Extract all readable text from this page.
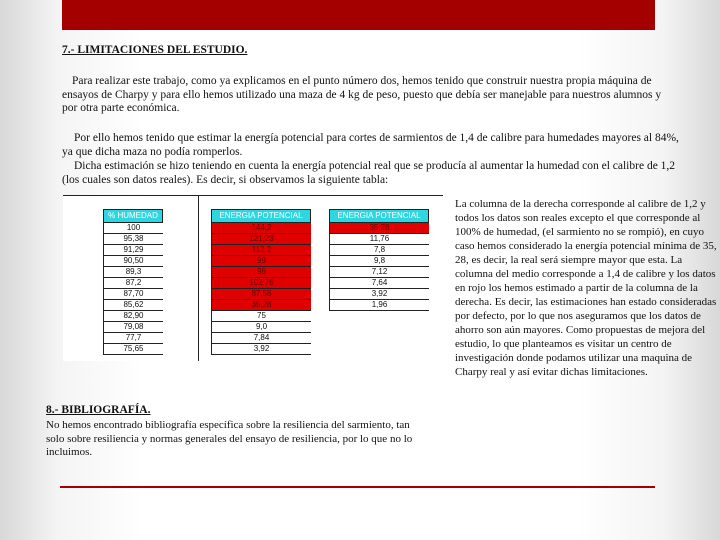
7.- LIMITACIONES DEL ESTUDIO.
Para realizar este trabajo, como ya explicamos en el punto número dos, hemos tenido que construir nuestra propia máquina de ensayos de Charpy y para ello hemos utilizado una maza de 4 kg de peso, puesto que debía ser manejable para nuestros alumnos y por otra parte económica.
Por ello hemos tenido que estimar la energía potencial para cortes de sarmientos de 1,4 de calibre para humedades mayores al 84%, ya que dicha maza no podía romperlos.
Dicha estimación se hizo teniendo en cuenta la energía potencial real que se producía al aumentar la humedad con el calibre de 1,2 (los cuales son datos reales). Es decir, si observamos la siguiente tabla:
% HUMEDAD
100
95,38
91,29
90,50
89,3
87,2
87,70
85,62
82,90
79,08
77,7
75,65
ENERGIA POTENCIAL
144,2
121,23
112,2
99
96
102,76
87,56
35,28
75
9,0
7,84
3,92
ENERGIA POTENCIAL
35,28
11,76
7,8
9,8
7,12
7,64
3,92
1,96
La columna de la derecha corresponde al calibre de 1,2 y todos los datos son reales excepto el que corresponde al 100% de humedad, (el sarmiento no se rompió), en cuyo caso hemos considerado la energía potencial mínima de 35, 28, es decir, la real será siempre mayor que esta. La columna del medio corresponde a 1,4 de calibre y los datos en rojo los hemos estimado a partir de la columna de la derecha. Es decir, las estimaciones han estado consideradas por defecto, por lo que nos aseguramos que los datos de ahorro son aún mayores. Como propuestas de mejora del estudio, lo que planteamos es visitar un centro de investigación donde podamos utilizar una maquina de Charpy real y así evitar dichas limitaciones.
8.- BIBLIOGRAFÍA.
No hemos encontrado bibliografía específica sobre la resiliencia del sarmiento, tan solo sobre resiliencia y normas generales del ensayo de resiliencia, por lo que no lo incluimos.
